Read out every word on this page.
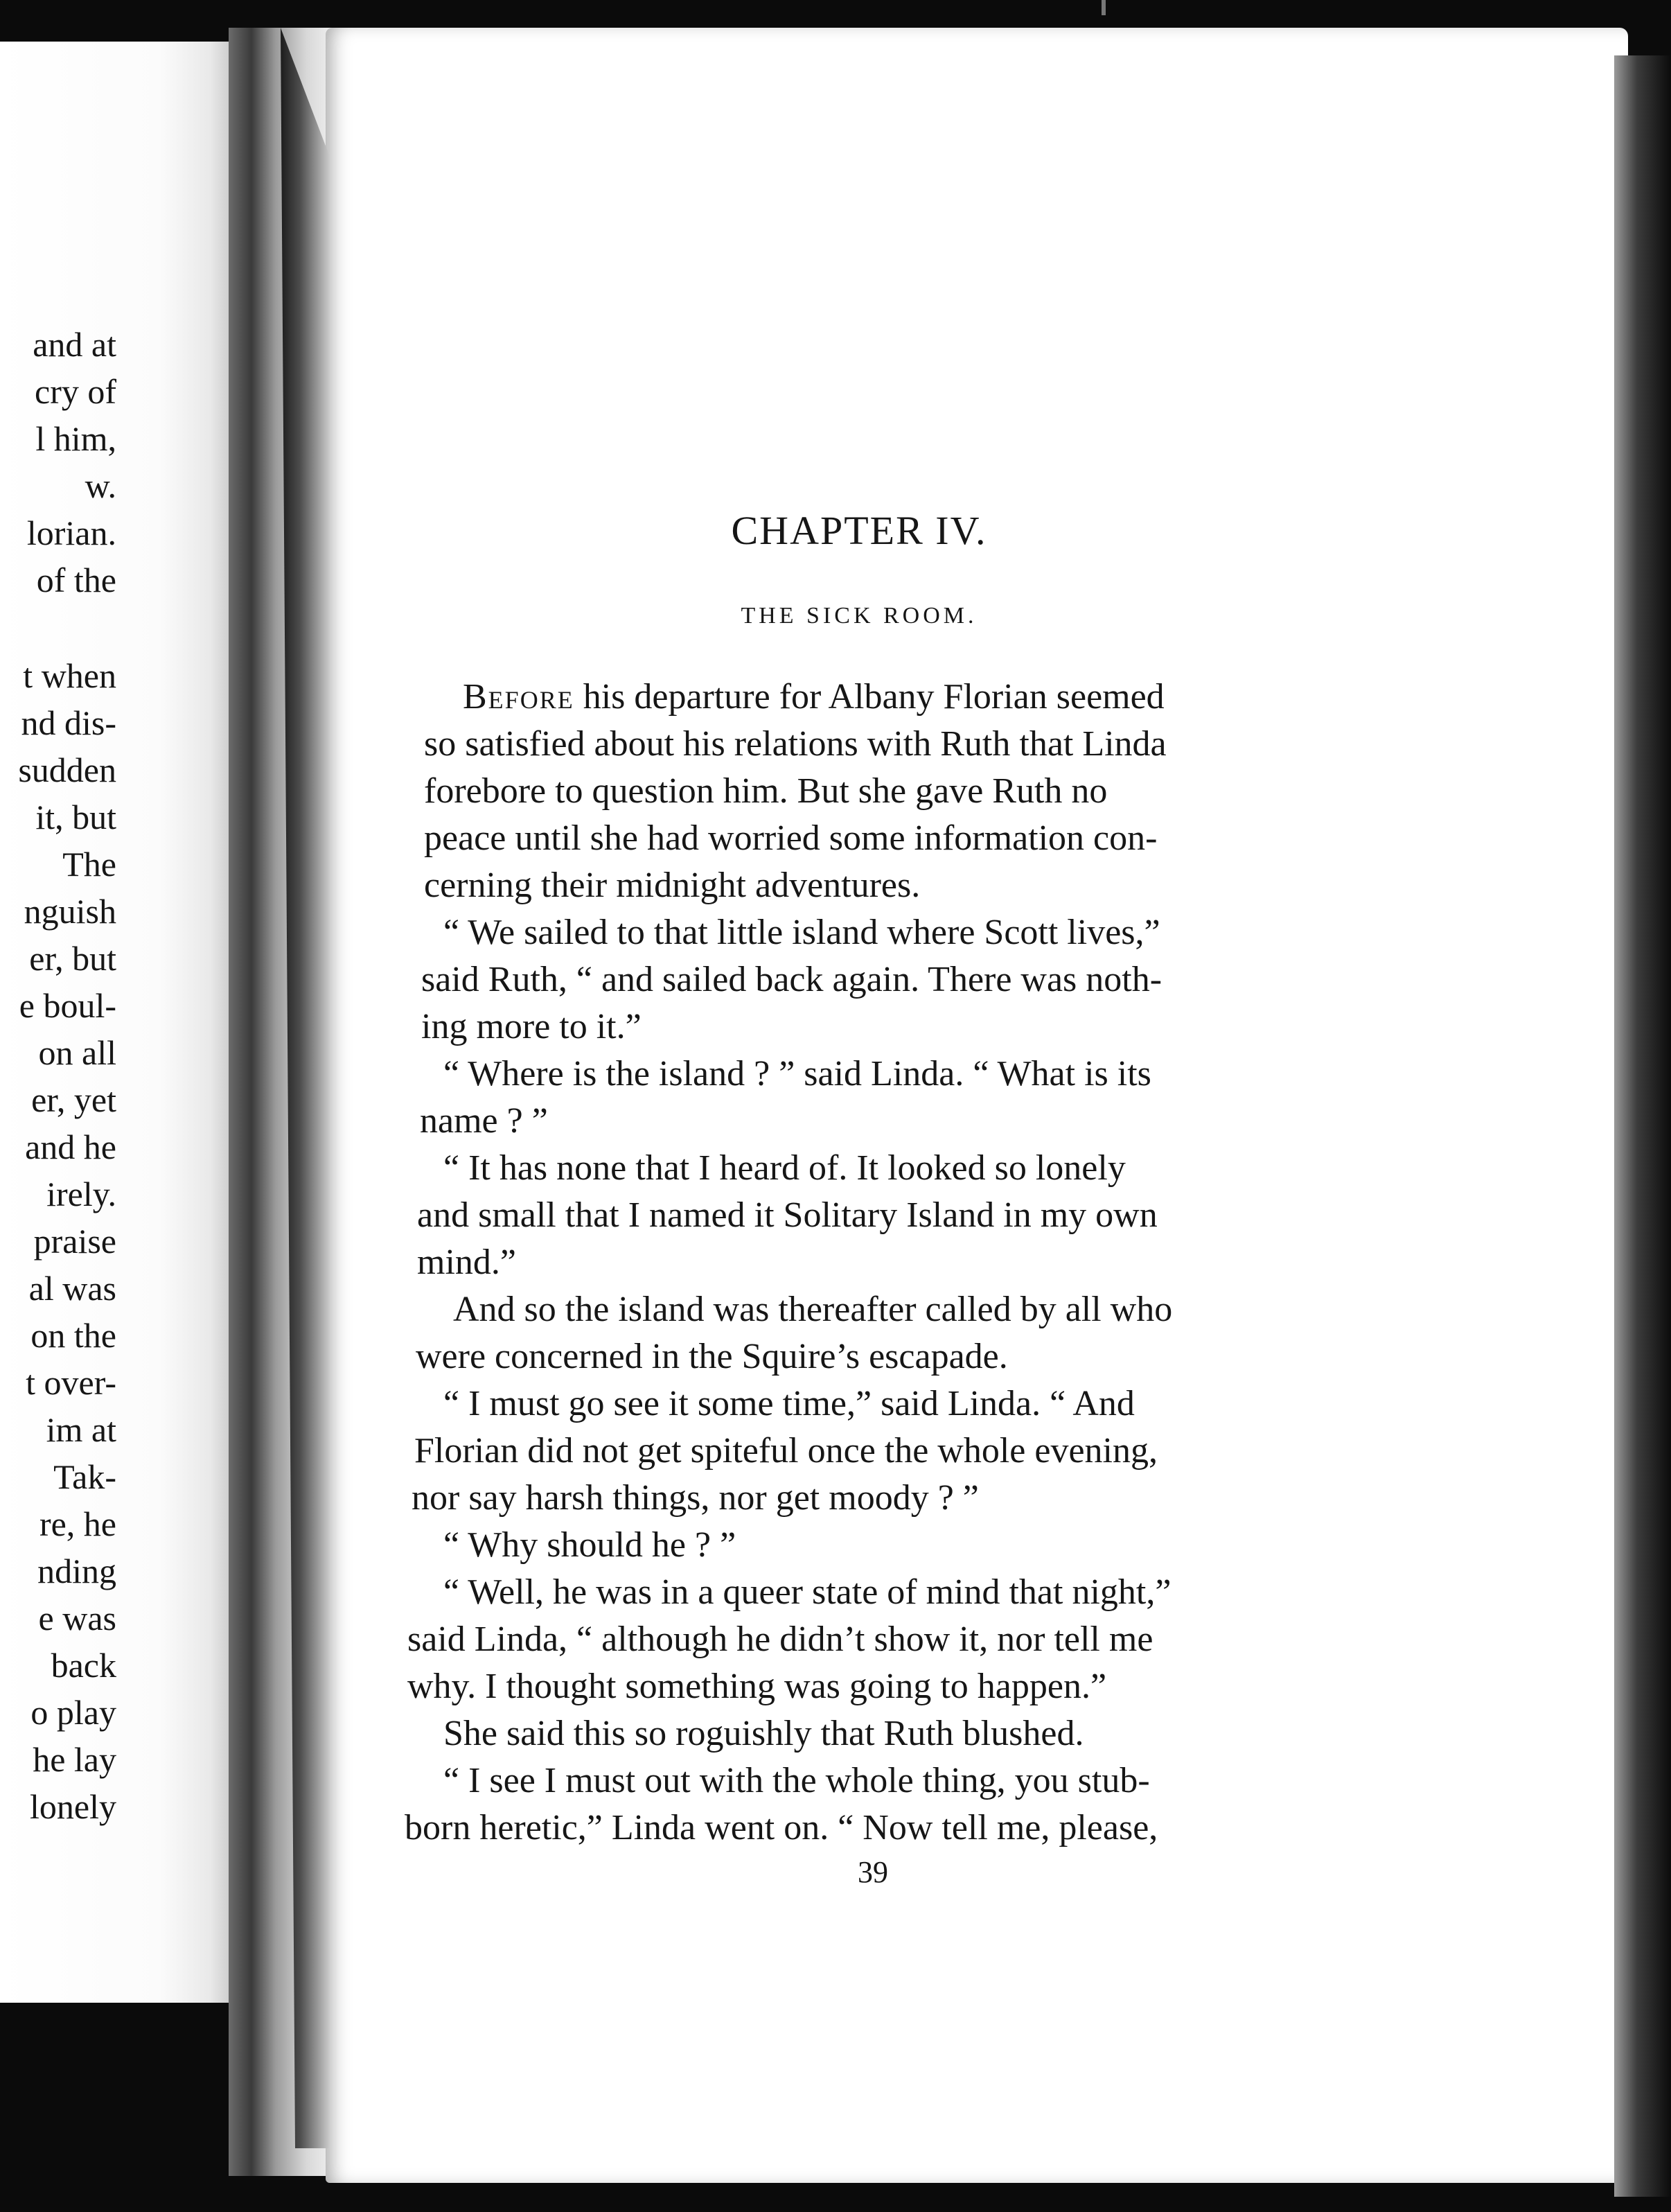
and at
cry of
l him,
w.
lorian.
of the
t when
nd dis-
sudden
it, but
The
nguish
er, but
e boul-
on all
er, yet
and he
irely.
praise
al was
on the
t over-
im at
Tak-
re, he
nding
e was
back
o play
he lay
lonely
CHAPTER IV.
THE SICK ROOM.
Before his departure for Albany Florian seemed
so satisfied about his relations with Ruth that Linda
forebore to question him. But she gave Ruth no
peace until she had worried some information con-
cerning their midnight adventures.
“ We sailed to that little island where Scott lives,”
said Ruth, “ and sailed back again. There was noth-
ing more to it.”
“ Where is the island ? ” said Linda. “ What is its
name ? ”
“ It has none that I heard of. It looked so lonely
and small that I named it Solitary Island in my own
mind.”
And so the island was thereafter called by all who
were concerned in the Squire’s escapade.
“ I must go see it some time,” said Linda. “ And
Florian did not get spiteful once the whole evening,
nor say harsh things, nor get moody ? ”
“ Why should he ? ”
“ Well, he was in a queer state of mind that night,”
said Linda, “ although he didn’t show it, nor tell me
why. I thought something was going to happen.”
She said this so roguishly that Ruth blushed.
“ I see I must out with the whole thing, you stub-
born heretic,” Linda went on. “ Now tell me, please,
39
